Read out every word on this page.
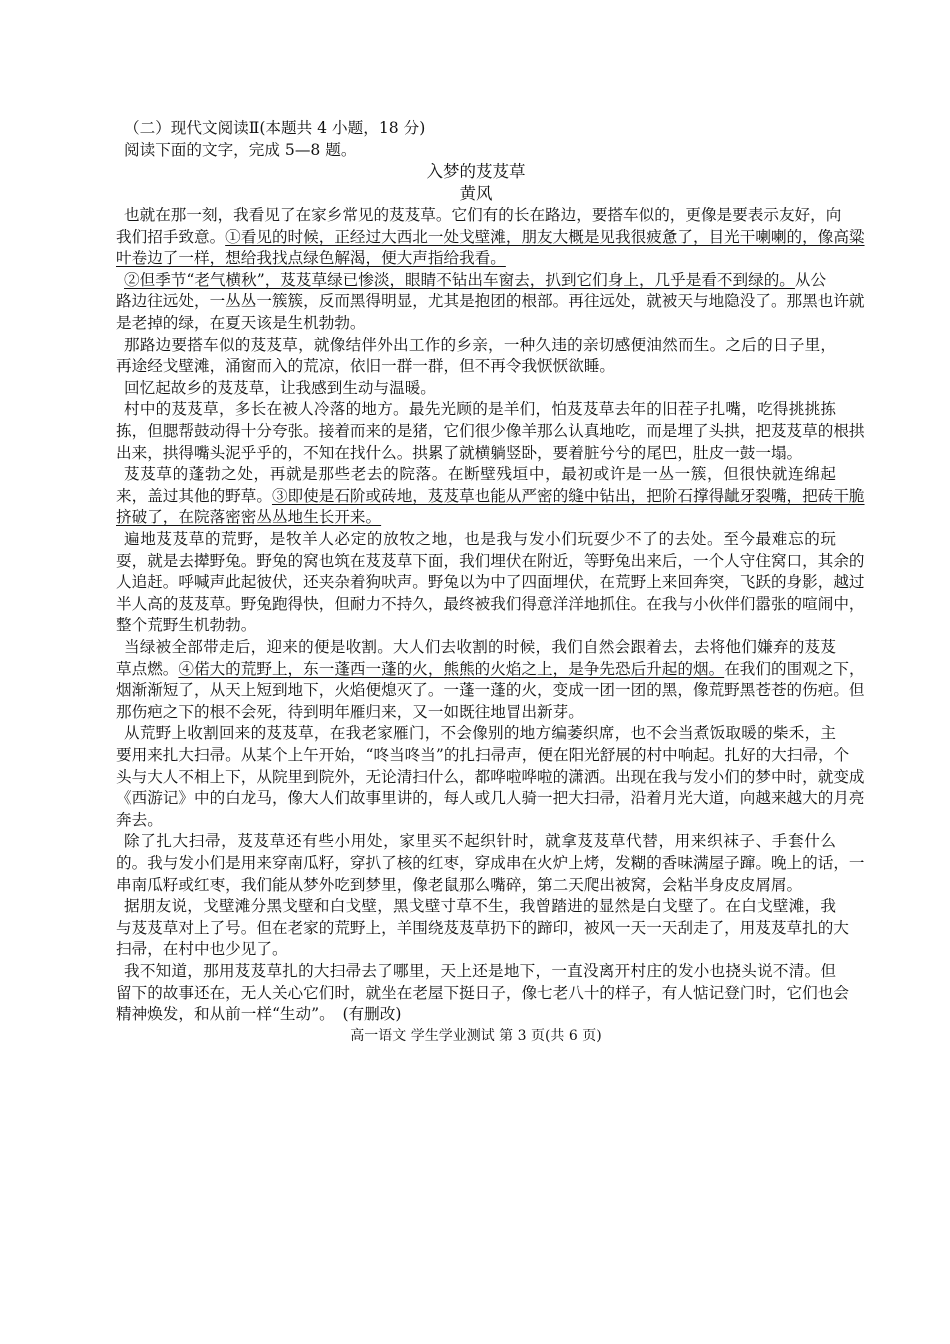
（二）现代文阅读Ⅱ(本题共 4 小题，18 分)
阅读下面的文字，完成 5—8 题。
入梦的芨芨草
黄风
也就在那一刻，我看见了在家乡常见的芨芨草。它们有的长在路边，要搭车似的，更像是要表示友好，向
我们招手致意。①看见的时候，正经过大西北一处戈壁滩，朋友大概是见我很疲惫了，目光干喇喇的，像高粱
叶卷边了一样，想给我找点绿色解渴，便大声指给我看。
②但季节“老气横秋”，芨芨草绿已惨淡，眼睛不钻出车窗去，扒到它们身上，几乎是看不到绿的。从公
路边往远处，一丛丛一簇簇，反而黑得明显，尤其是抱团的根部。再往远处，就被天与地隐没了。那黑也许就
是老掉的绿，在夏天该是生机勃勃。
那路边要搭车似的芨芨草，就像结伴外出工作的乡亲，一种久违的亲切感便油然而生。之后的日子里，
再途经戈壁滩，涌窗而入的荒凉，依旧一群一群，但不再令我恹恹欲睡。
回忆起故乡的芨芨草，让我感到生动与温暖。
村中的芨芨草，多长在被人冷落的地方。最先光顾的是羊们，怕芨芨草去年的旧茬子扎嘴，吃得挑挑拣
拣，但腮帮鼓动得十分夸张。接着而来的是猪，它们很少像羊那么认真地吃，而是埋了头拱，把芨芨草的根拱
出来，拱得嘴头泥乎乎的，不知在找什么。拱累了就横躺竖卧，要着脏兮兮的尾巴，肚皮一鼓一塌。
芨芨草的蓬勃之处，再就是那些老去的院落。在断壁残垣中，最初或许是一丛一簇，但很快就连绵起
来，盖过其他的野草。③即使是石阶或砖地，芨芨草也能从严密的缝中钻出，把阶石撑得龇牙裂嘴，把砖干脆
挤破了，在院落密密丛丛地生长开来。
遍地芨芨草的荒野，是牧羊人必定的放牧之地，也是我与发小们玩耍少不了的去处。至今最难忘的玩
耍，就是去撵野兔。野兔的窝也筑在芨芨草下面，我们埋伏在附近，等野兔出来后，一个人守住窝口，其余的
人追赶。呼喊声此起彼伏，还夹杂着狗吠声。野兔以为中了四面埋伏，在荒野上来回奔突，飞跃的身影，越过
半人高的芨芨草。野兔跑得快，但耐力不持久，最终被我们得意洋洋地抓住。在我与小伙伴们嚣张的喧闹中，
整个荒野生机勃勃。
当绿被全部带走后，迎来的便是收割。大人们去收割的时候，我们自然会跟着去，去将他们嫌弃的芨芨
草点燃。④偌大的荒野上，东一蓬西一蓬的火，熊熊的火焰之上，是争先恐后升起的烟。在我们的围观之下，
烟渐渐短了，从天上短到地下，火焰便熄灭了。一蓬一蓬的火，变成一团一团的黑，像荒野黑苍苍的伤疤。但
那伤疤之下的根不会死，待到明年雁归来，又一如既往地冒出新芽。
从荒野上收割回来的芨芨草，在我老家雁门，不会像别的地方编萎织席，也不会当煮饭取暖的柴禾，主
要用来扎大扫帚。从某个上午开始，“咚当咚当”的扎扫帚声，便在阳光舒展的村中响起。扎好的大扫帚，个
头与大人不相上下，从院里到院外，无论清扫什么，都哗啦哗啦的潇洒。出现在我与发小们的梦中时，就变成
《西游记》中的白龙马，像大人们故事里讲的，每人或几人骑一把大扫帚，沿着月光大道，向越来越大的月亮
奔去。
除了扎大扫帚，芨芨草还有些小用处，家里买不起织针时，就拿芨芨草代替，用来织袜子、手套什么
的。我与发小们是用来穿南瓜籽，穿扒了核的红枣，穿成串在火炉上烤，发糊的香味满屋子蹿。晚上的话，一
串南瓜籽或红枣，我们能从梦外吃到梦里，像老鼠那么嘴碎，第二天爬出被窝，会粘半身皮皮屑屑。
据朋友说，戈壁滩分黑戈壁和白戈壁，黑戈壁寸草不生，我曾踏进的显然是白戈壁了。在白戈壁滩，我
与芨芨草对上了号。但在老家的荒野上，羊围绕芨芨草扔下的蹄印，被风一天一天刮走了，用芨芨草扎的大
扫帚，在村中也少见了。
我不知道，那用芨芨草扎的大扫帚去了哪里，天上还是地下，一直没离开村庄的发小也挠头说不清。但
留下的故事还在，无人关心它们时，就坐在老屋下挺日子，像七老八十的样子，有人惦记登门时，它们也会
精神焕发，和从前一样“生动”。　(有删改)
高一语文 学生学业测试 第 3 页(共 6 页)
